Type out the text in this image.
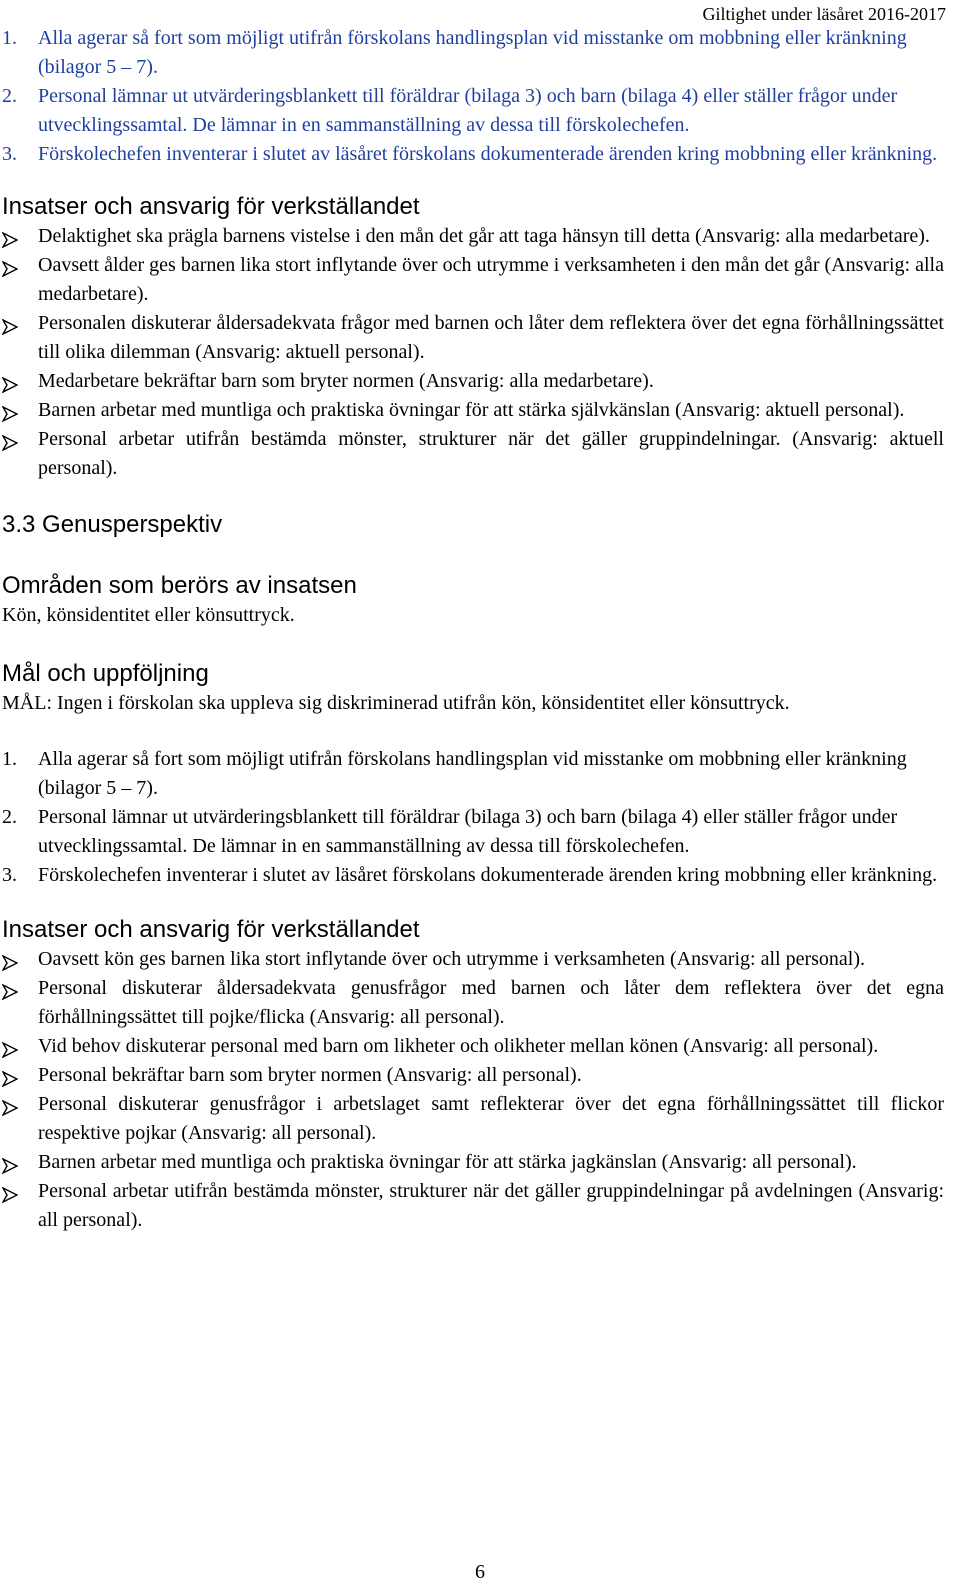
Giltighet under läsåret 2016-2017
1. Alla agerar så fort som möjligt utifrån förskolans handlingsplan vid misstanke om mobbning eller kränkning (bilagor 5 – 7).
2. Personal lämnar ut utvärderingsblankett till föräldrar (bilaga 3) och barn (bilaga 4) eller ställer frågor under utvecklingssamtal. De lämnar in en sammanställning av dessa till förskolechefen.
3. Förskolechefen inventerar i slutet av läsåret förskolans dokumenterade ärenden kring mobbning eller kränkning.
Insatser och ansvarig för verkställandet
Delaktighet ska prägla barnens vistelse i den mån det går att taga hänsyn till detta (Ansvarig: alla medarbetare).
Oavsett ålder ges barnen lika stort inflytande över och utrymme i verksamheten i den mån det går (Ansvarig: alla medarbetare).
Personalen diskuterar åldersadekvata frågor med barnen och låter dem reflektera över det egna förhållningssättet till olika dilemman (Ansvarig: aktuell personal).
Medarbetare bekräftar barn som bryter normen (Ansvarig: alla medarbetare).
Barnen arbetar med muntliga och praktiska övningar för att stärka självkänslan (Ansvarig: aktuell personal).
Personal arbetar utifrån bestämda mönster, strukturer när det gäller gruppindelningar. (Ansvarig: aktuell personal).
3.3 Genusperspektiv
Områden som berörs av insatsen

Kön, könsidentitet eller könsuttryck.

Mål och uppföljning

MÅL: Ingen i förskolan ska uppleva sig diskriminerad utifrån kön, könsidentitet eller könsuttryck.

1. Alla agerar så fort som möjligt utifrån förskolans handlingsplan vid misstanke om mobbning eller kränkning (bilagor 5 – 7).
2. Personal lämnar ut utvärderingsblankett till föräldrar (bilaga 3) och barn (bilaga 4) eller ställer frågor under utvecklingssamtal. De lämnar in en sammanställning av dessa till förskolechefen.
3. Förskolechefen inventerar i slutet av läsåret förskolans dokumenterade ärenden kring mobbning eller kränkning.
Insatser och ansvarig för verkställandet
Oavsett kön ges barnen lika stort inflytande över och utrymme i verksamheten (Ansvarig: all personal).
Personal diskuterar åldersadekvata genusfrågor med barnen och låter dem reflektera över det egna förhållningssättet till pojke/flicka (Ansvarig: all personal).
Vid behov diskuterar personal med barn om likheter och olikheter mellan könen (Ansvarig: all personal).
Personal bekräftar barn som bryter normen (Ansvarig: all personal).
Personal diskuterar genusfrågor i arbetslaget samt reflekterar över det egna förhållningssättet till flickor respektive pojkar (Ansvarig: all personal).
Barnen arbetar med muntliga och praktiska övningar för att stärka jagkänslan (Ansvarig: all personal).
Personal arbetar utifrån bestämda mönster, strukturer när det gäller gruppindelningar på avdelningen (Ansvarig: all personal).
6
